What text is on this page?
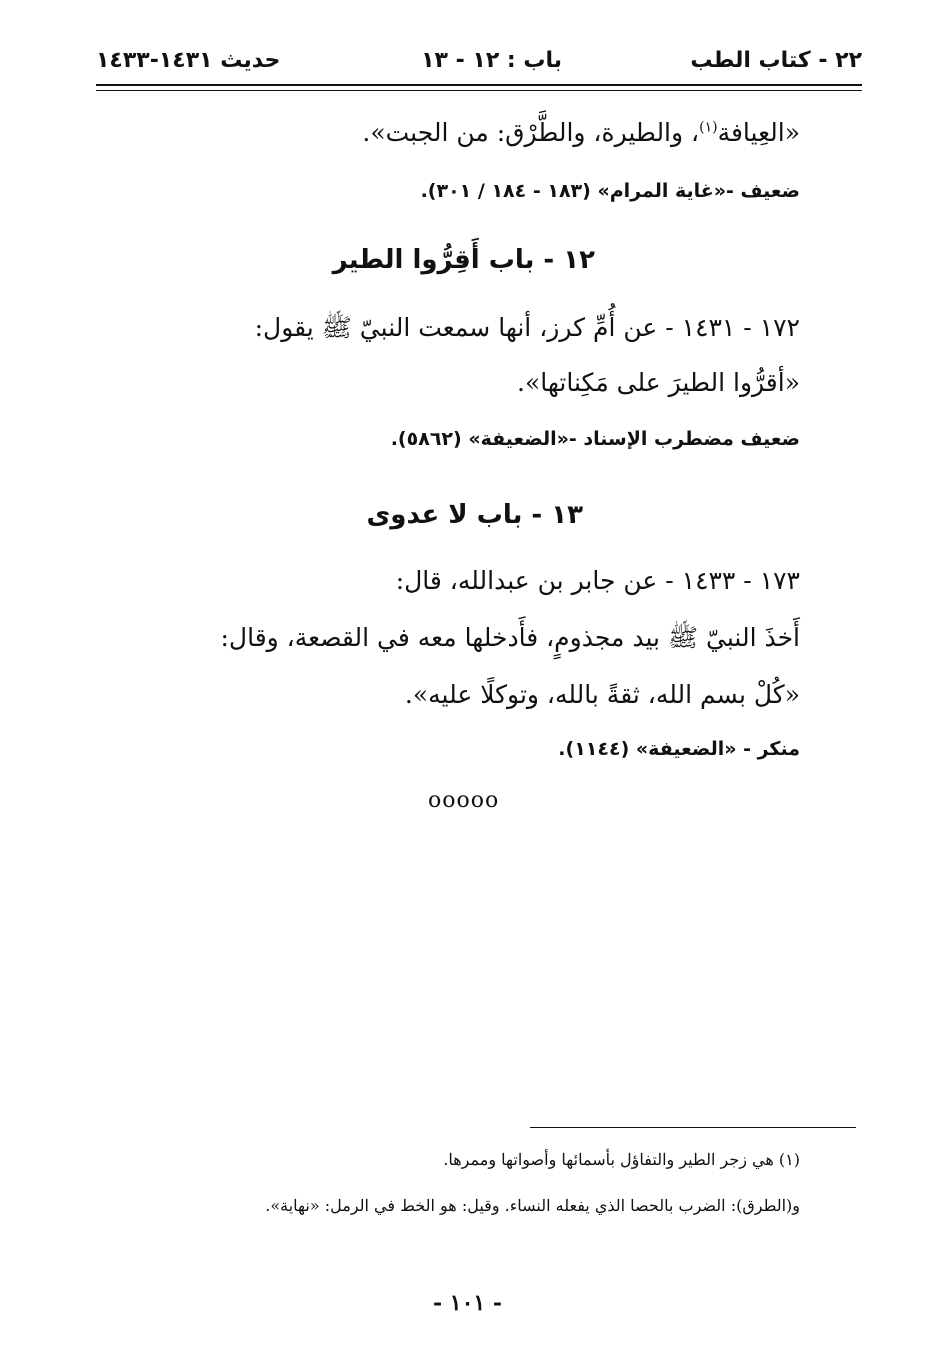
٢٢ - كتاب الطب
باب : ١٢ - ١٣
حديث ١٤٣١-١٤٣٣
«العِيافة$^{(١)}$، والطيرة، والطَّرْق: من الجبت».
ضعيف -«غاية المرام» (١٨٣ - ١٨٤ / ٣٠١).
١٢ - باب أَقِرُّوا الطير
١٧٢ - ١٤٣١ - عن أُمِّ كرز، أنها سمعت النبيّ ﷺ يقول:
«أقرُّوا الطيرَ على مَكِناتها».
ضعيف مضطرب الإسناد -«الضعيفة» (٥٨٦٢).
١٣ - باب لا عدوى
١٧٣ - ١٤٣٣ - عن جابر بن عبدالله، قال:
أَخذَ النبيّ ﷺ بيد مجذومٍ، فأَدخلها معه في القصعة، وقال:
«كُلْ بسم الله، ثقةً بالله، وتوكلًا عليه».
منكر - «الضعيفة» (١١٤٤).
ooooo
(١) هي زجر الطير والتفاؤل بأسمائها وأصواتها وممرها.
و(الطرق): الضرب بالحصا الذي يفعله النساء. وقيل: هو الخط في الرمل: «نهاية».
- ١٠١ -
